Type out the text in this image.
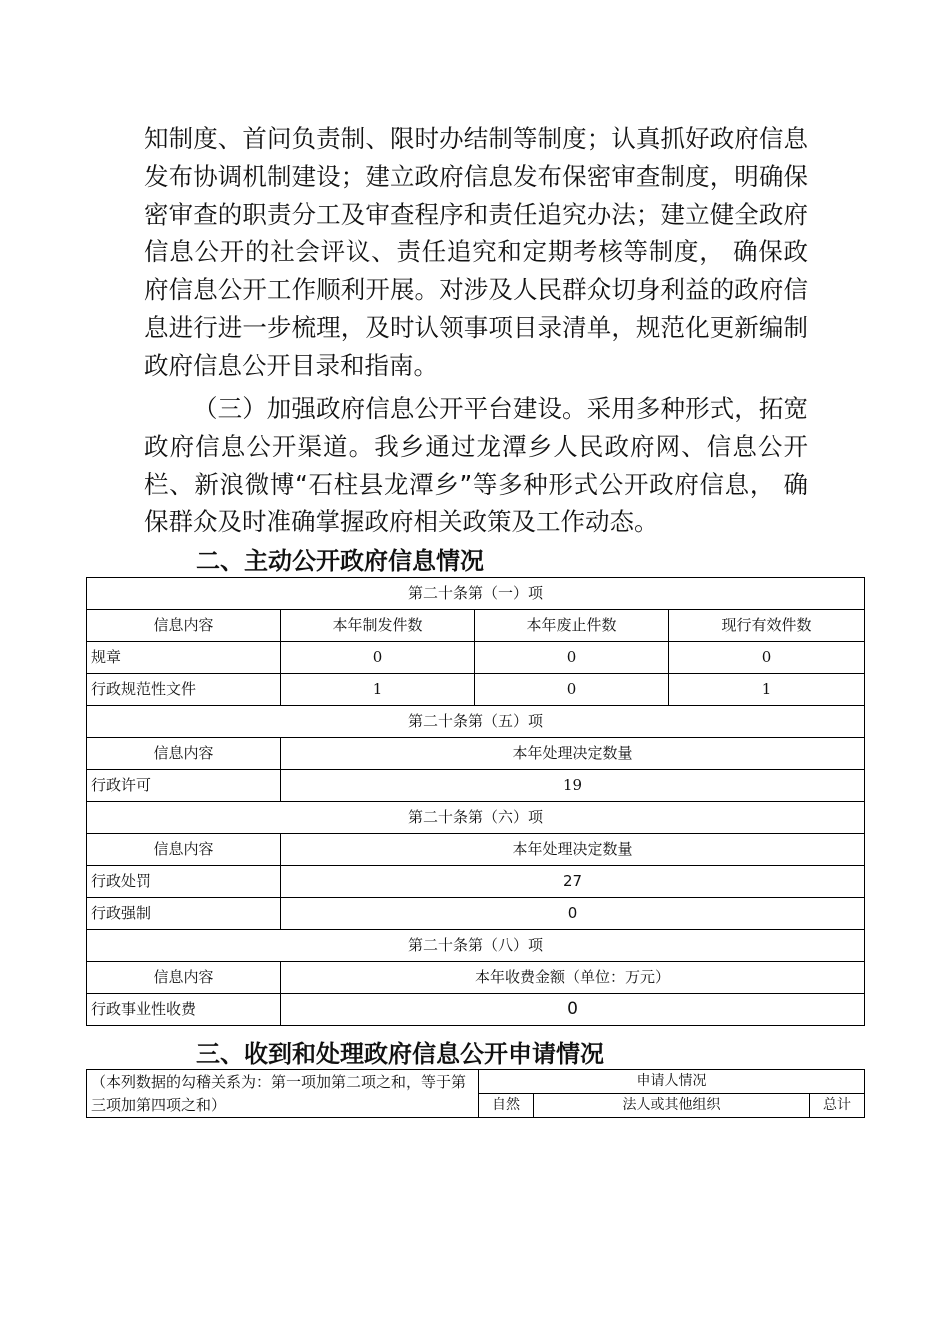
知制度、首问负责制、限时办结制等制度；认真抓好政府信息发布协调机制建设；建立政府信息发布保密审查制度，明确保密审查的职责分工及审查程序和责任追究办法；建立健全政府信息公开的社会评议、责任追究和定期考核等制度， 确保政府信息公开工作顺利开展。对涉及人民群众切身利益的政府信息进行进一步梳理，及时认领事项目录清单，规范化更新编制政府信息公开目录和指南。

（三）加强政府信息公开平台建设。采用多种形式，拓宽政府信息公开渠道。我乡通过龙潭乡人民政府网、信息公开栏、新浪微博“石柱县龙潭乡”等多种形式公开政府信息， 确保群众及时准确掌握政府相关政策及工作动态。

二、主动公开政府信息情况
第二十条第（一）项			
信息内容	本年制发件数	本年废止件数	现行有效件数
规章	0	0	0
行政规范性文件	1	0	1
第二十条第（五）项			
信息内容	本年处理决定数量		
行政许可	19		
第二十条第（六）项			
信息内容	本年处理决定数量		
行政处罚	27		
行政强制	0		
第二十条第（八）项			
信息内容	本年收费金额（单位：万元）		
行政事业性收费	0		
三、收到和处理政府信息公开申请情况
（本列数据的勾稽关系为：第一项加第二项之和，等于第三项加第四项之和）	申请人情况		
	自然	法人或其他组织	总计
